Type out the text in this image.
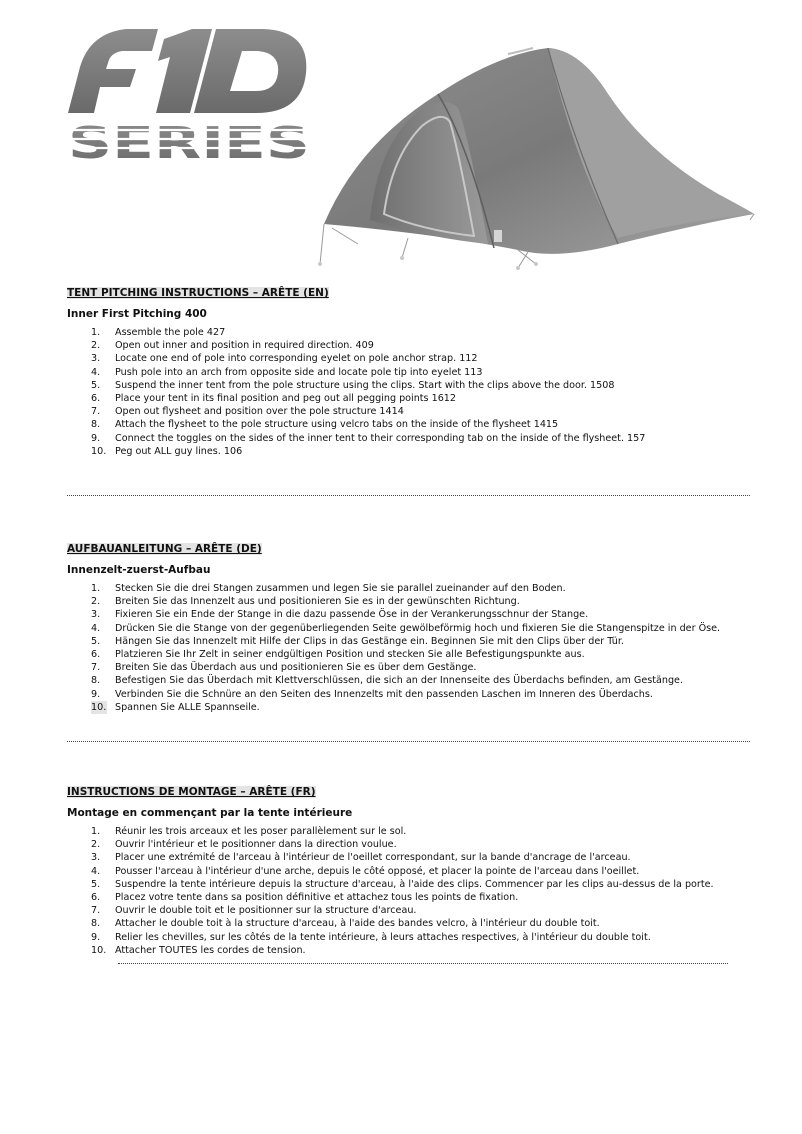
SERIES
TENT PITCHING INSTRUCTIONS – ARÊTE (EN)
Inner First Pitching 400
1. Assemble the pole 427
2. Open out inner and position in required direction. 409
3. Locate one end of pole into corresponding eyelet on pole anchor strap. 112
4. Push pole into an arch from opposite side and locate pole tip into eyelet 113
5. Suspend the inner tent from the pole structure using the clips. Start with the clips above the door. 1508
6. Place your tent in its final position and peg out all pegging points 1612
7. Open out flysheet and position over the pole structure 1414
8. Attach the flysheet to the pole structure using velcro tabs on the inside of the flysheet 1415
9. Connect the toggles on the sides of the inner tent to their corresponding tab on the inside of the flysheet. 157
10. Peg out ALL guy lines. 106
AUFBAUANLEITUNG – ARÊTE (DE)
Innenzelt-zuerst-Aufbau
1. Stecken Sie die drei Stangen zusammen und legen Sie sie parallel zueinander auf den Boden.
2. Breiten Sie das Innenzelt aus und positionieren Sie es in der gewünschten Richtung.
3. Fixieren Sie ein Ende der Stange in die dazu passende Öse in der Verankerungsschnur der Stange.
4. Drücken Sie die Stange von der gegenüberliegenden Seite gewölbeförmig hoch und fixieren Sie die Stangenspitze in der Öse.
5. Hängen Sie das Innenzelt mit Hilfe der Clips in das Gestänge ein. Beginnen Sie mit den Clips über der Tür.
6. Platzieren Sie Ihr Zelt in seiner endgültigen Position und stecken Sie alle Befestigungspunkte aus.
7. Breiten Sie das Überdach aus und positionieren Sie es über dem Gestänge.
8. Befestigen Sie das Überdach mit Klettverschlüssen, die sich an der Innenseite des Überdachs befinden, am Gestänge.
9. Verbinden Sie die Schnüre an den Seiten des Innenzelts mit den passenden Laschen im Inneren des Überdachs.
10. Spannen Sie ALLE Spannseile.
INSTRUCTIONS DE MONTAGE – ARÊTE (FR)
Montage en commençant par la tente intérieure
1. Réunir les trois arceaux et les poser parallèlement sur le sol.
2. Ouvrir l'intérieur et le positionner dans la direction voulue.
3. Placer une extrémité de l'arceau à l'intérieur de l'oeillet correspondant, sur la bande d'ancrage de l'arceau.
4. Pousser l'arceau à l'intérieur d'une arche, depuis le côté opposé, et placer la pointe de l'arceau dans l'oeillet.
5. Suspendre la tente intérieure depuis la structure d'arceau, à l'aide des clips. Commencer par les clips au-dessus de la porte.
6. Placez votre tente dans sa position définitive et attachez tous les points de fixation.
7. Ouvrir le double toit et le positionner sur la structure d'arceau.
8. Attacher le double toit à la structure d'arceau, à l'aide des bandes velcro, à l'intérieur du double toit.
9. Relier les chevilles, sur les côtés de la tente intérieure, à leurs attaches respectives, à l'intérieur du double toit.
10. Attacher TOUTES les cordes de tension.
